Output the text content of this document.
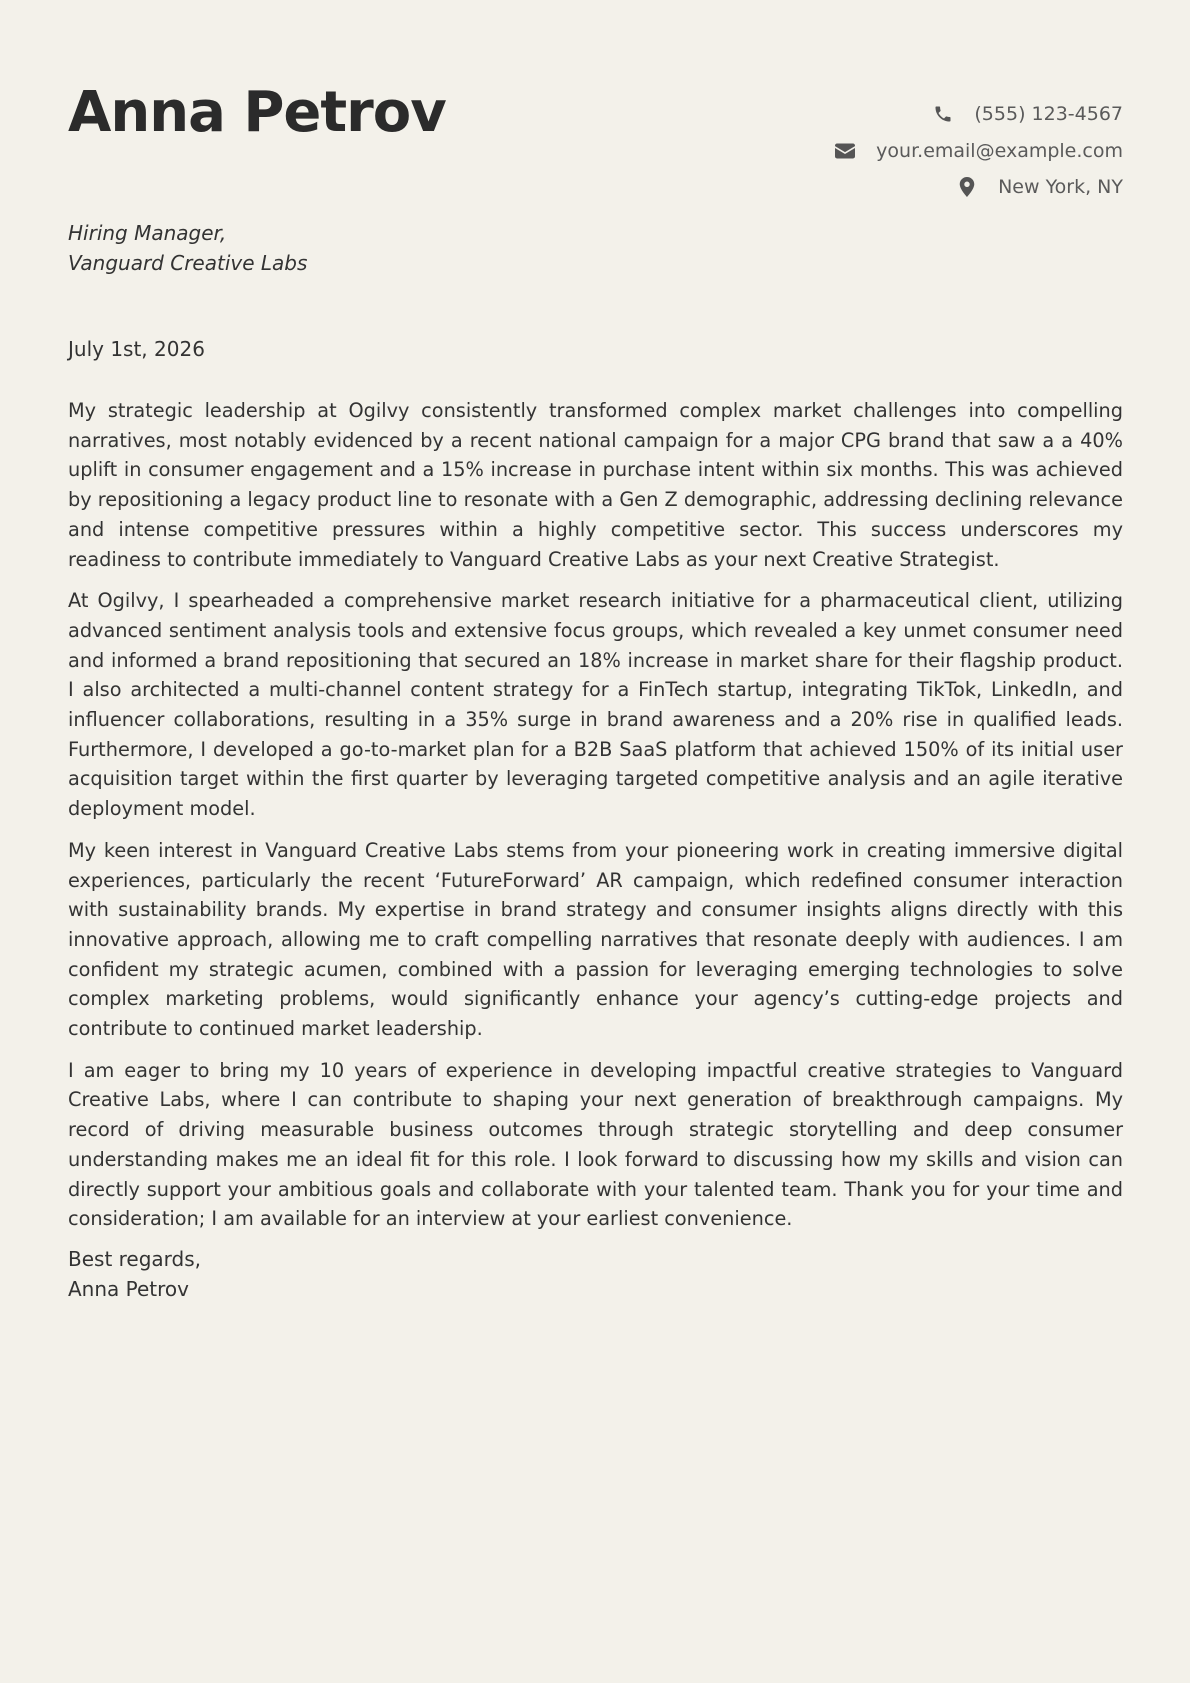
Anna Petrov	(555) 123-4567
your.email@example.com
New York, NY
Hiring Manager,
Vanguard Creative Labs
July 1st, 2026

My strategic leadership at Ogilvy consistently transformed complex market challenges into compelling narratives, most notably evidenced by a recent national campaign for a major CPG brand that saw a a 40% uplift in consumer engagement and a 15% increase in purchase intent within six months. This was achieved by repositioning a legacy product line to resonate with a Gen Z demographic, addressing declining relevance and intense competitive pressures within a highly competitive sector. This success underscores my readiness to contribute immediately to Vanguard Creative Labs as your next Creative Strategist.

At Ogilvy, I spearheaded a comprehensive market research initiative for a pharmaceutical client, utilizing advanced sentiment analysis tools and extensive focus groups, which revealed a key unmet consumer need and informed a brand repositioning that secured an 18% increase in market share for their flagship product. I also architected a multi-channel content strategy for a FinTech startup, integrating TikTok, LinkedIn, and influencer collaborations, resulting in a 35% surge in brand awareness and a 20% rise in qualified leads. Furthermore, I developed a go-to-market plan for a B2B SaaS platform that achieved 150% of its initial user acquisition target within the first quarter by leveraging targeted competitive analysis and an agile iterative deployment model.

My keen interest in Vanguard Creative Labs stems from your pioneering work in creating immersive digital experiences, particularly the recent ‘FutureForward’ AR campaign, which redefined consumer interaction with sustainability brands. My expertise in brand strategy and consumer insights aligns directly with this innovative approach, allowing me to craft compelling narratives that resonate deeply with audiences. I am confident my strategic acumen, combined with a passion for leveraging emerging technologies to solve complex marketing problems, would significantly enhance your agency’s cutting-edge projects and contribute to continued market leadership.

I am eager to bring my 10 years of experience in developing impactful creative strategies to Vanguard Creative Labs, where I can contribute to shaping your next generation of breakthrough campaigns. My record of driving measurable business outcomes through strategic storytelling and deep consumer understanding makes me an ideal fit for this role. I look forward to discussing how my skills and vision can directly support your ambitious goals and collaborate with your talented team. Thank you for your time and consideration; I am available for an interview at your earliest convenience.

Best regards,
Anna Petrov
